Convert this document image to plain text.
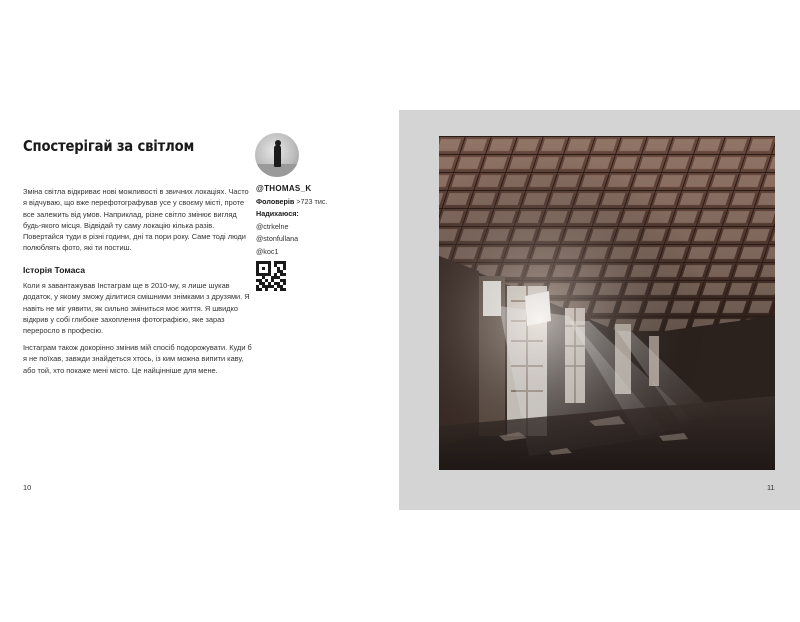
Спостерігай за світлом

Зміна світла відкриває нові можливості в звичних локаціях. Часто я відчуваю, що вже перефотографував усе у своєму місті, проте все залежить від умов. Наприклад, різне світло змінює вигляд будь-якого місця. Відвідай ту саму локацію кілька разів. Повертайся туди в різні години, дні та пори року. Саме тоді люди полюблять фото, які ти постиш.

Історія Томаса

Коли я завантажував Інстаграм ще в 2010-му, я лише шукав додаток, у якому зможу ділитися смішними знімками з друзями. Я навіть не міг уявити, як сильно зміниться моє життя. Я швидко відкрив у собі глибоке захоплення фотографією, яке зараз переросло в професію.

Інстаграм також докорінно змінив мій спосіб подорожувати. Куди б я не поїхав, завжди знайдеться хтось, із ким можна випити каву, або той, хто покаже мені місто. Це найцінніше для мене.

@THOMAS_K
Фоловерів >723 тис.
Надихаюся:
@ctrkelne
@stonfullana
@koc1
10	11
